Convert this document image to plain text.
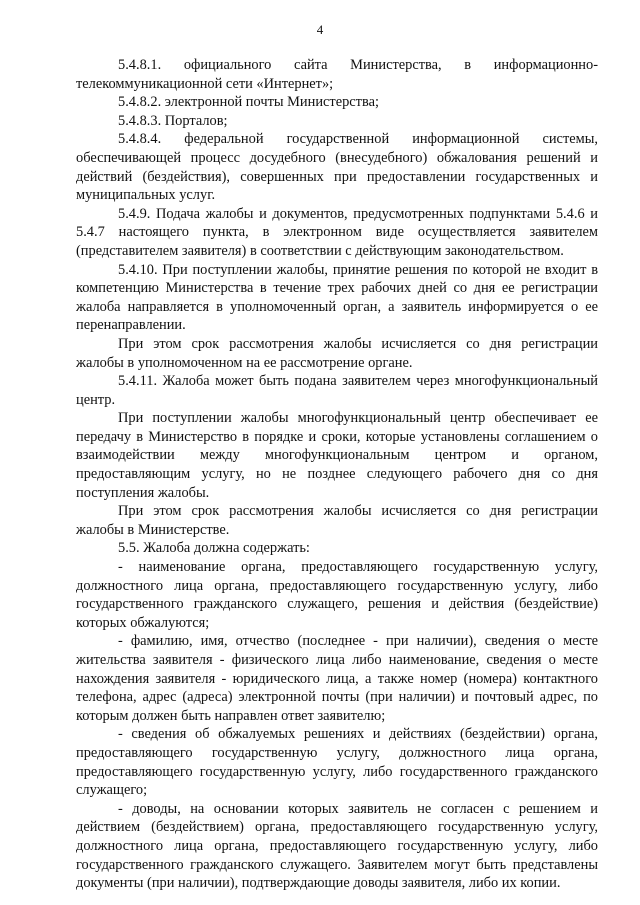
4

5.4.8.1. официального сайта Министерства, в информационно-телекоммуникационной сети «Интернет»;

5.4.8.2. электронной почты Министерства;

5.4.8.3. Порталов;

5.4.8.4. федеральной государственной информационной системы, обеспечивающей процесс досудебного (внесудебного) обжалования решений и действий (бездействия), совершенных при предоставлении государственных и муниципальных услуг.

5.4.9. Подача жалобы и документов, предусмотренных подпунктами 5.4.6 и 5.4.7 настоящего пункта, в электронном виде осуществляется заявителем (представителем заявителя) в соответствии с действующим законодательством.

5.4.10. При поступлении жалобы, принятие решения по которой не входит в компетенцию Министерства в течение трех рабочих дней со дня ее регистрации жалоба направляется в уполномоченный орган, а заявитель информируется о ее перенаправлении.

При этом срок рассмотрения жалобы исчисляется со дня регистрации жалобы в уполномоченном на ее рассмотрение органе.

5.4.11. Жалоба может быть подана заявителем через многофункциональный центр.

При поступлении жалобы многофункциональный центр обеспечивает ее передачу в Министерство в порядке и сроки, которые установлены соглашением о взаимодействии между многофункциональным центром и органом, предоставляющим услугу, но не позднее следующего рабочего дня со дня поступления жалобы.

При этом срок рассмотрения жалобы исчисляется со дня регистрации жалобы в Министерстве.

5.5. Жалоба должна содержать:

- наименование органа, предоставляющего государственную услугу, должностного лица органа, предоставляющего государственную услугу, либо государственного гражданского служащего, решения и действия (бездействие) которых обжалуются;

- фамилию, имя, отчество (последнее - при наличии), сведения о месте жительства заявителя - физического лица либо наименование, сведения о месте нахождения заявителя - юридического лица, а также номер (номера) контактного телефона, адрес (адреса) электронной почты (при наличии) и почтовый адрес, по которым должен быть направлен ответ заявителю;

- сведения об обжалуемых решениях и действиях (бездействии) органа, предоставляющего государственную услугу, должностного лица органа, предоставляющего государственную услугу, либо государственного гражданского служащего;

- доводы, на основании которых заявитель не согласен с решением и действием (бездействием) органа, предоставляющего государственную услугу, должностного лица органа, предоставляющего государственную услугу, либо государственного гражданского служащего. Заявителем могут быть представлены документы (при наличии), подтверждающие доводы заявителя, либо их копии.
